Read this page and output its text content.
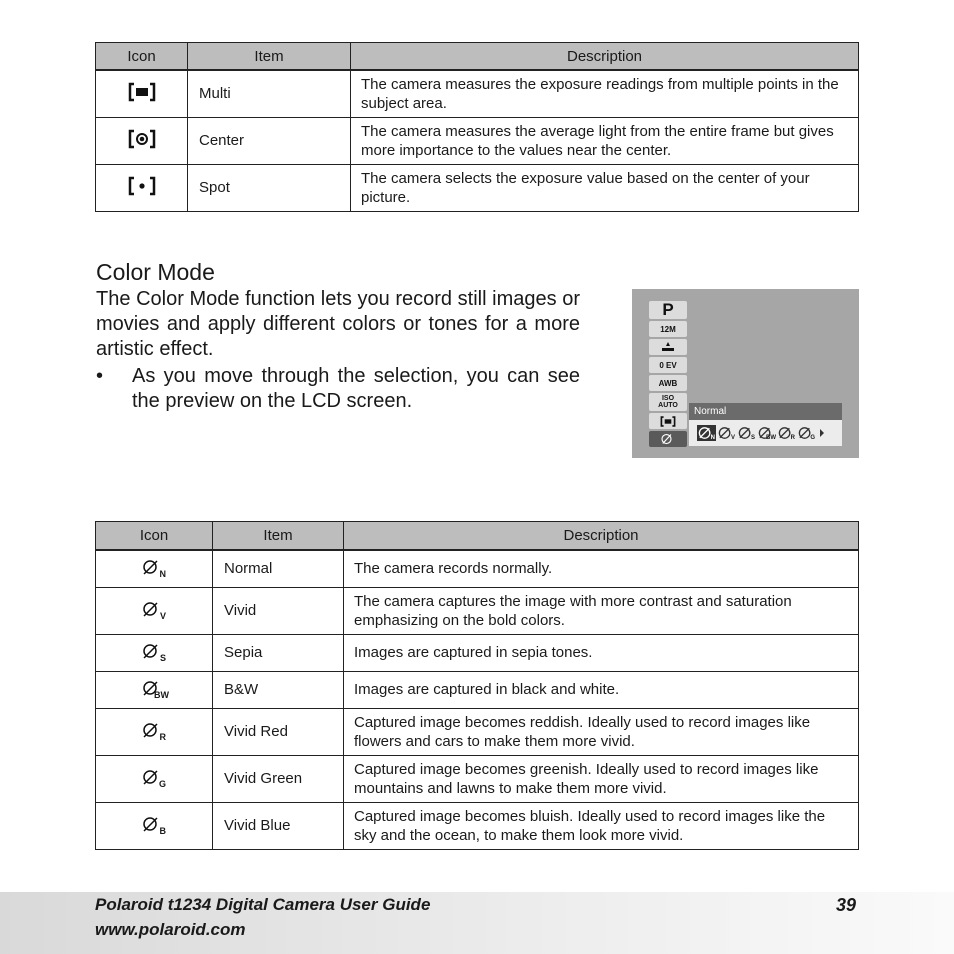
Icon	Item	Description
	Multi	The camera measures the exposure readings from multiple points in the subject area.
	Center	The camera measures the average light from the entire frame but gives more importance to the values near the center.
	Spot	The camera selects the exposure value based on the center of your picture.
Color Mode

The Color Mode function lets you record still images or movies and apply different colors or tones for a more artistic effect.

• As you move through the selection, you can see the preview on the LCD screen.
P
12M
0 EV
AWB
ISO
AUTO
Normal
N	V	S BW R	G
Icon	Item	Description

N	Normal	The camera records normally.

V	Vivid	The camera captures the image with more contrast and saturation emphasizing on the bold colors.

S	Sepia	Images are captured in sepia tones.

BW	B&W	Images are captured in black and white.

R	Vivid Red	Captured image becomes reddish. Ideally used to record images like flowers and cars to make them more vivid.

G	Vivid Green	Captured image becomes greenish. Ideally used to record images like mountains and lawns to make them more vivid.

B	Vivid Blue	Captured image becomes bluish. Ideally used to record images like the sky and the ocean, to make them look more vivid.
Polaroid t1234 Digital Camera User Guide
www.polaroid.com
39
